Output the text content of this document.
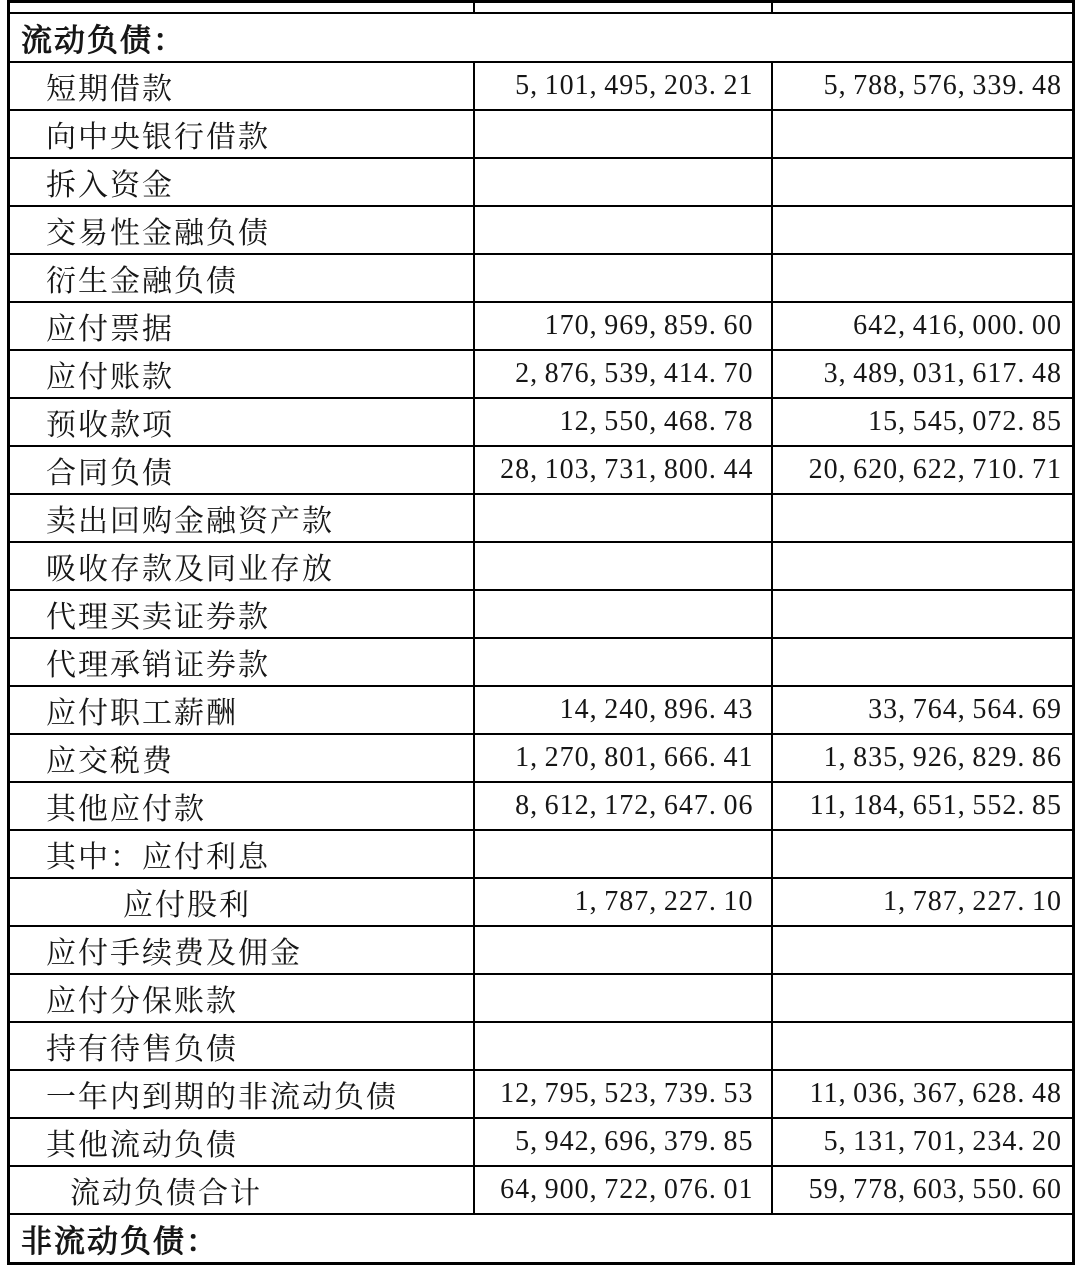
流动负债：		
短期借款	5, 101, 495, 203. 21	5, 788, 576, 339. 48
向中央银行借款		
拆入资金		
交易性金融负债		
衍生金融负债		
应付票据	170, 969, 859. 60	642, 416, 000. 00
应付账款	2, 876, 539, 414. 70	3, 489, 031, 617. 48
预收款项	12, 550, 468. 78	15, 545, 072. 85
合同负债	28, 103, 731, 800. 44	20, 620, 622, 710. 71
卖出回购金融资产款		
吸收存款及同业存放		
代理买卖证券款		
代理承销证券款		
应付职工薪酬	14, 240, 896. 43	33, 764, 564. 69
应交税费	1, 270, 801, 666. 41	1, 835, 926, 829. 86
其他应付款	8, 612, 172, 647. 06	11, 184, 651, 552. 85
其中：应付利息		
应付股利	1, 787, 227. 10	1, 787, 227. 10
应付手续费及佣金		
应付分保账款		
持有待售负债		
一年内到期的非流动负债	12, 795, 523, 739. 53	11, 036, 367, 628. 48
其他流动负债	5, 942, 696, 379. 85	5, 131, 701, 234. 20
流动负债合计	64, 900, 722, 076. 01	59, 778, 603, 550. 60
非流动负债：		
